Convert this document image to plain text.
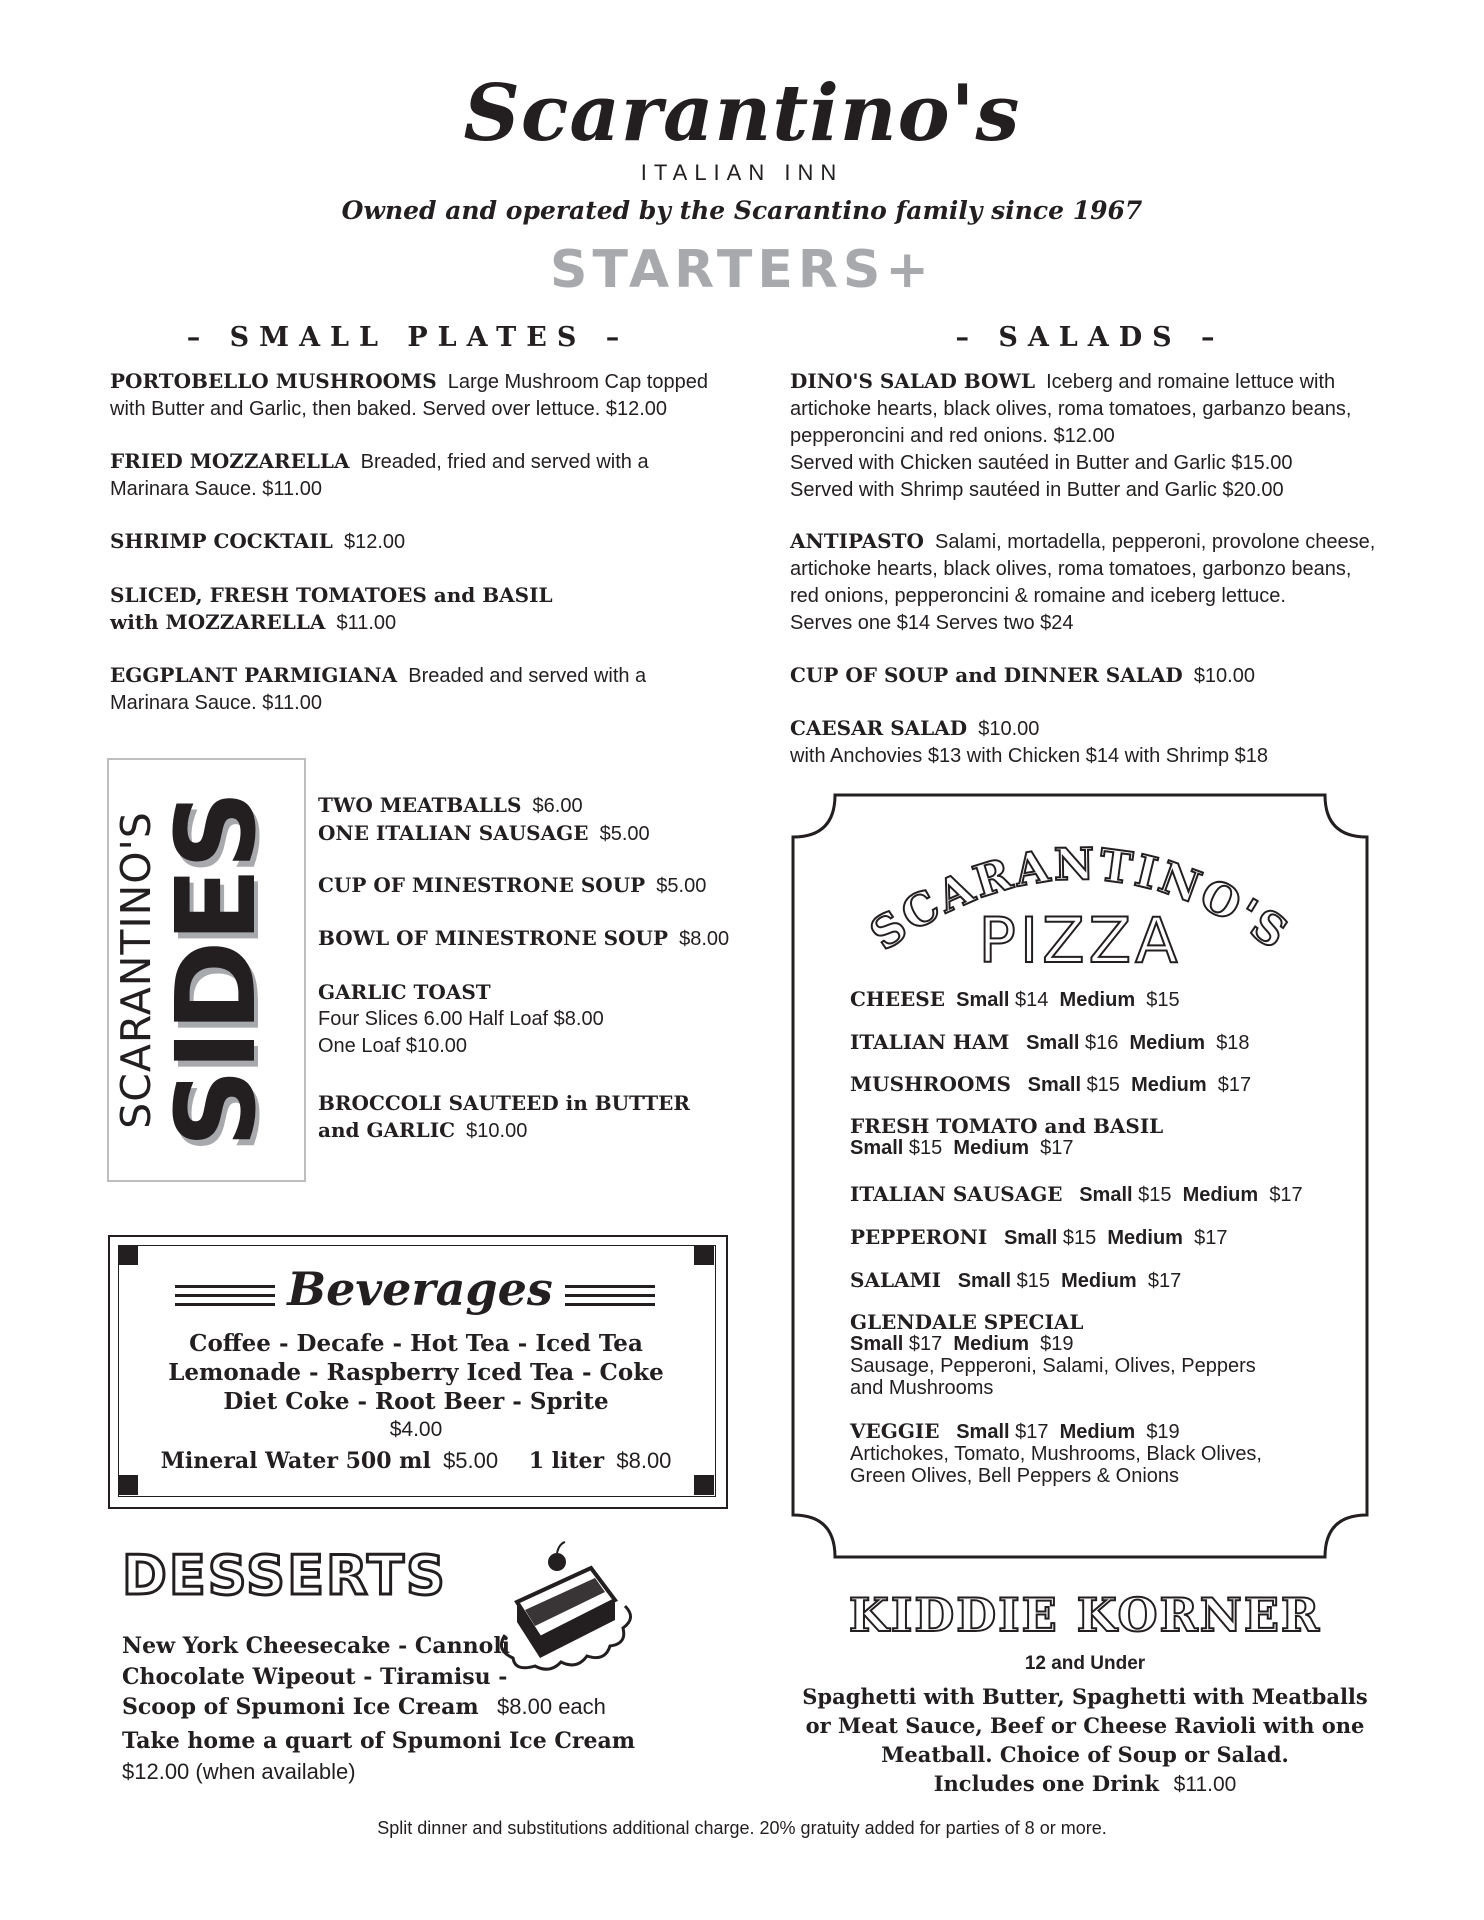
Scarantino's
ITALIAN INN
Owned and operated by the Scarantino family since 1967
STARTERS+
– SMALL PLATES –
PORTOBELLO MUSHROOMS Large Mushroom Cap topped
with Butter and Garlic, then baked. Served over lettuce. $12.00
FRIED MOZZARELLA Breaded, fried and served with a
Marinara Sauce. $11.00
SHRIMP COCKTAIL $12.00
SLICED, FRESH TOMATOES and BASIL
with MOZZARELLA $11.00
EGGPLANT PARMIGIANA Breaded and served with a
Marinara Sauce. $11.00
– SALADS –
DINO'S SALAD BOWL Iceberg and romaine lettuce with
artichoke hearts, black olives, roma tomatoes, garbanzo beans,
pepperoncini and red onions. $12.00
Served with Chicken sautéed in Butter and Garlic $15.00
Served with Shrimp sautéed in Butter and Garlic $20.00
ANTIPASTO Salami, mortadella, pepperoni, provolone cheese,
artichoke hearts, black olives, roma tomatoes, garbonzo beans,
red onions, pepperoncini & romaine and iceberg lettuce.
Serves one $14 Serves two $24
CUP OF SOUP and DINNER SALAD $10.00
CAESAR SALAD $10.00
with Anchovies $13 with Chicken $14 with Shrimp $18
SCARANTINO'S
SIDES TWO MEATBALLS $6.00
ONE ITALIAN SAUSAGE $5.00
CUP OF MINESTRONE SOUP $5.00
BOWL OF MINESTRONE SOUP $8.00
GARLIC TOAST
Four Slices 6.00 Half Loaf $8.00
One Loaf $10.00
BROCCOLI SAUTEED in BUTTER
and GARLIC $10.00
Beverages
Coffee - Decafe - Hot Tea - Iced Tea
Lemonade - Raspberry Iced Tea - Coke
Diet Coke - Root Beer - Sprite
$4.00
Mineral Water 500 ml $5.00 1 liter $8.00
SCARANTINO'S
PIZZA
CHEESE Small $14 Medium $15
ITALIAN HAM Small $16 Medium $18
MUSHROOMS Small $15 Medium $17
FRESH TOMATO and BASIL
Small $15 Medium $17
ITALIAN SAUSAGE Small $15 Medium $17
PEPPERONI Small $15 Medium $17
SALAMI Small $15 Medium $17
GLENDALE SPECIAL
Small $17 Medium $19
Sausage, Pepperoni, Salami, Olives, Peppers
and Mushrooms
VEGGIE Small $17 Medium $19
Artichokes, Tomato, Mushrooms, Black Olives,
Green Olives, Bell Peppers & Onions
DESSERTS
New York Cheesecake - Cannoli
Chocolate Wipeout - Tiramisu -
Scoop of Spumoni Ice Cream $8.00 each
Take home a quart of Spumoni Ice Cream
$12.00 (when available)
KIDDIE KORNER
12 and Under
Spaghetti with Butter, Spaghetti with Meatballs
or Meat Sauce, Beef or Cheese Ravioli with one
Meatball. Choice of Soup or Salad.
Includes one Drink $11.00
Split dinner and substitutions additional charge. 20% gratuity added for parties of 8 or more.
